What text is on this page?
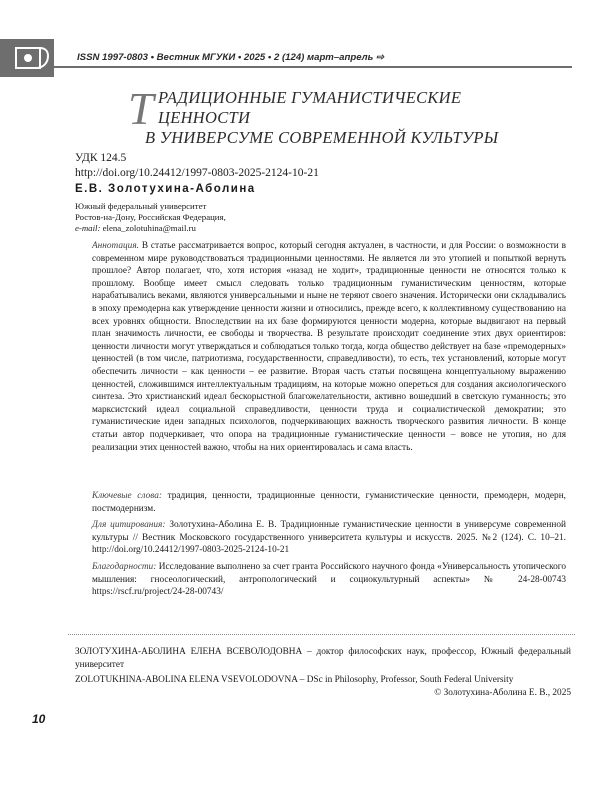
ISSN 1997-0803 • Вестник МГУКИ • 2025 • 2 (124) март–апрель ⇨
Т РАДИЦИОННЫЕ ГУМАНИСТИЧЕСКИЕ ЦЕННОСТИ
В УНИВЕРСУМЕ СОВРЕМЕННОЙ КУЛЬТУРЫ
УДК 124.5
http://doi.org/10.24412/1997-0803-2025-2124-10-21
Е.В. Золотухина-Аболина
Южный федеральный университет
Ростов-на-Дону, Российская Федерация,
e-mail: elena_zolotuhina@mail.ru
Аннотация. В статье рассматривается вопрос, который сегодня актуален, в частности, и для России: о возможности в современном мире руководствоваться традиционными ценностями. Не является ли это утопией и попыткой вернуть прошлое? Автор полагает, что, хотя история «назад не ходит», традиционные ценности не относятся только к прошлому. Вообще имеет смысл следовать только традиционным гуманистическим ценностям, которые нарабатывались веками, являются универсальными и ныне не теряют своего значения. Исторически они складывались в эпоху премодерна как утверждение ценности жизни и относились, прежде всего, к коллективному существованию на всех уровнях общности. Впоследствии на их базе формируются ценности модерна, которые выдвигают на первый план значимость личности, ее свободы и творчества. В результате происходит соединение этих двух ориентиров: ценности личности могут утверждаться и соблюдаться только тогда, когда общество действует на базе «премодерных» ценностей (в том числе, патриотизма, государственности, справедливости), то есть, тех установлений, которые могут обеспечить личности – как ценности – ее развитие. Вторая часть статьи посвящена концептуальному выражению ценностей, сложившимся интеллектуальным традициям, на которые можно опереться для создания аксиологического синтеза. Это христианский идеал бескорыстной благожелательности, активно вошедший в светскую гуманность; это марксистский идеал социальной справедливости, ценности труда и социалистической демократии; это гуманистические идеи западных психологов, подчеркивающих важность творческого развития личности. В конце статьи автор подчеркивает, что опора на традиционные гуманистические ценности – вовсе не утопия, но для реализации этих ценностей важно, чтобы на них ориентировалась и сама власть.
Ключевые слова: традиция, ценности, традиционные ценности, гуманистические ценности, премодерн, модерн, постмодернизм.
Для цитирования: Золотухина-Аболина Е. В. Традиционные гуманистические ценности в универсуме современной культуры // Вестник Московского государственного университета культуры и искусств. 2025. №2 (124). С. 10–21. http://doi.org/10.24412/1997-0803-2025-2124-10-21
Благодарности: Исследование выполнено за счет гранта Российского научного фонда «Универсальность утопического мышления: гносеологический, антропологический и социокультурный аспекты» № 24-28-00743 https://rscf.ru/project/24-28-00743/
ЗОЛОТУХИНА-АБОЛИНА ЕЛЕНА ВСЕВОЛОДОВНА – доктор философских наук, профессор, Южный федеральный университет
ZOLOTUKHINA-ABOLINA ELENA VSEVOLODOVNA – DSc in Philosophy, Professor, South Federal University
© Золотухина-Аболина Е. В., 2025
10
